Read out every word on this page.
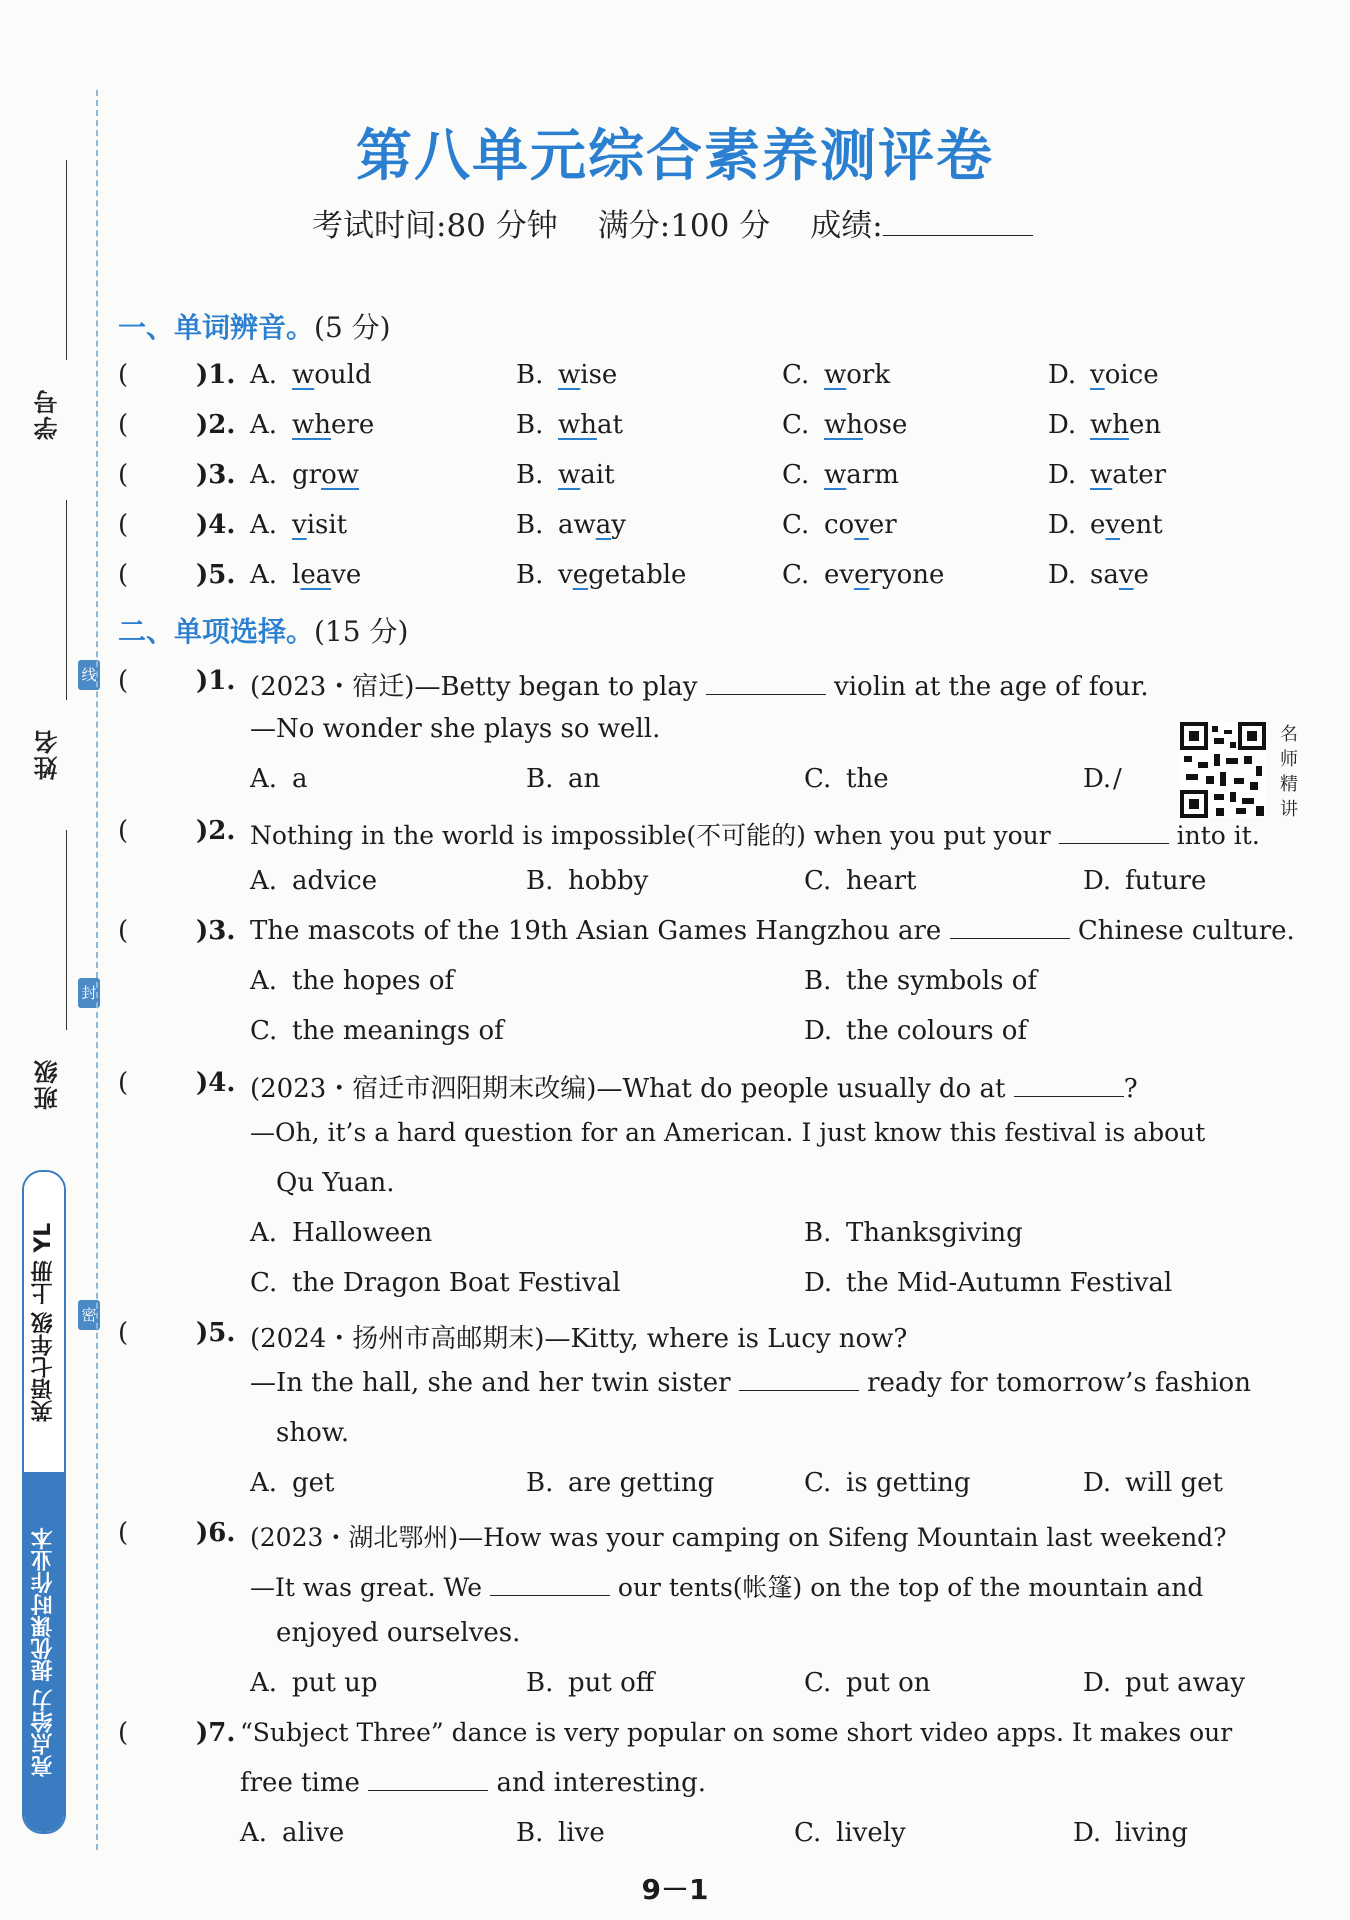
学号
线
姓名
封
班级
密
英语七年级 上册 YL
亮点给力 提优课时作业本
第八单元综合素养测评卷
考试时间:80 分钟 满分:100 分 成绩:
一、单词辨音。(5 分)
(	)1. A. would	B. wise	C. work	D. voice
(	)2. A. where	B. what	C. whose	D. when
(	)3. A. grow	B. wait	C. warm	D. water
(	)4. A. visit	B. away	C. cover	D. event
(	)5. A. leave	B. vegetable	C. everyone	D. save
二、单项选择。(15 分)
(	)1. (2023・宿迁)—Betty began to play	violin at the age of four.
—No wonder she plays so well.
A. a	B. an	C. the	D./
名师精讲
(	)2. Nothing in the world is impossible(不可能的) when you put your	into it.
A. advice	B. hobby	C. heart	D. future
(	)3. The mascots of the 19th Asian Games Hangzhou are	Chinese culture.
A. the hopes of	B. the symbols of
C. the meanings of	D. the colours of
(	)4. (2023・宿迁市泗阳期末改编)—What do people usually do at	?
—Oh, it’s a hard question for an American. I just know this festival is about
Qu Yuan.
A. Halloween	B. Thanksgiving
C. the Dragon Boat Festival	D. the Mid-Autumn Festival
(	)5. (2024・扬州市高邮期末)—Kitty, where is Lucy now?
—In the hall, she and her twin sister	ready for tomorrow’s fashion
show.
A. get	B. are getting	C. is getting	D. will get
(	)6. (2023・湖北鄂州)—How was your camping on Sifeng Mountain last weekend?
—It was great. We	our tents(帐篷) on the top of the mountain and
enjoyed ourselves.
A. put up	B. put off	C. put on	D. put away
(	)7. “Subject Three” dance is very popular on some short video apps. It makes our
free time	and interesting.
A. alive	B. live	C. lively	D. living
9－1
